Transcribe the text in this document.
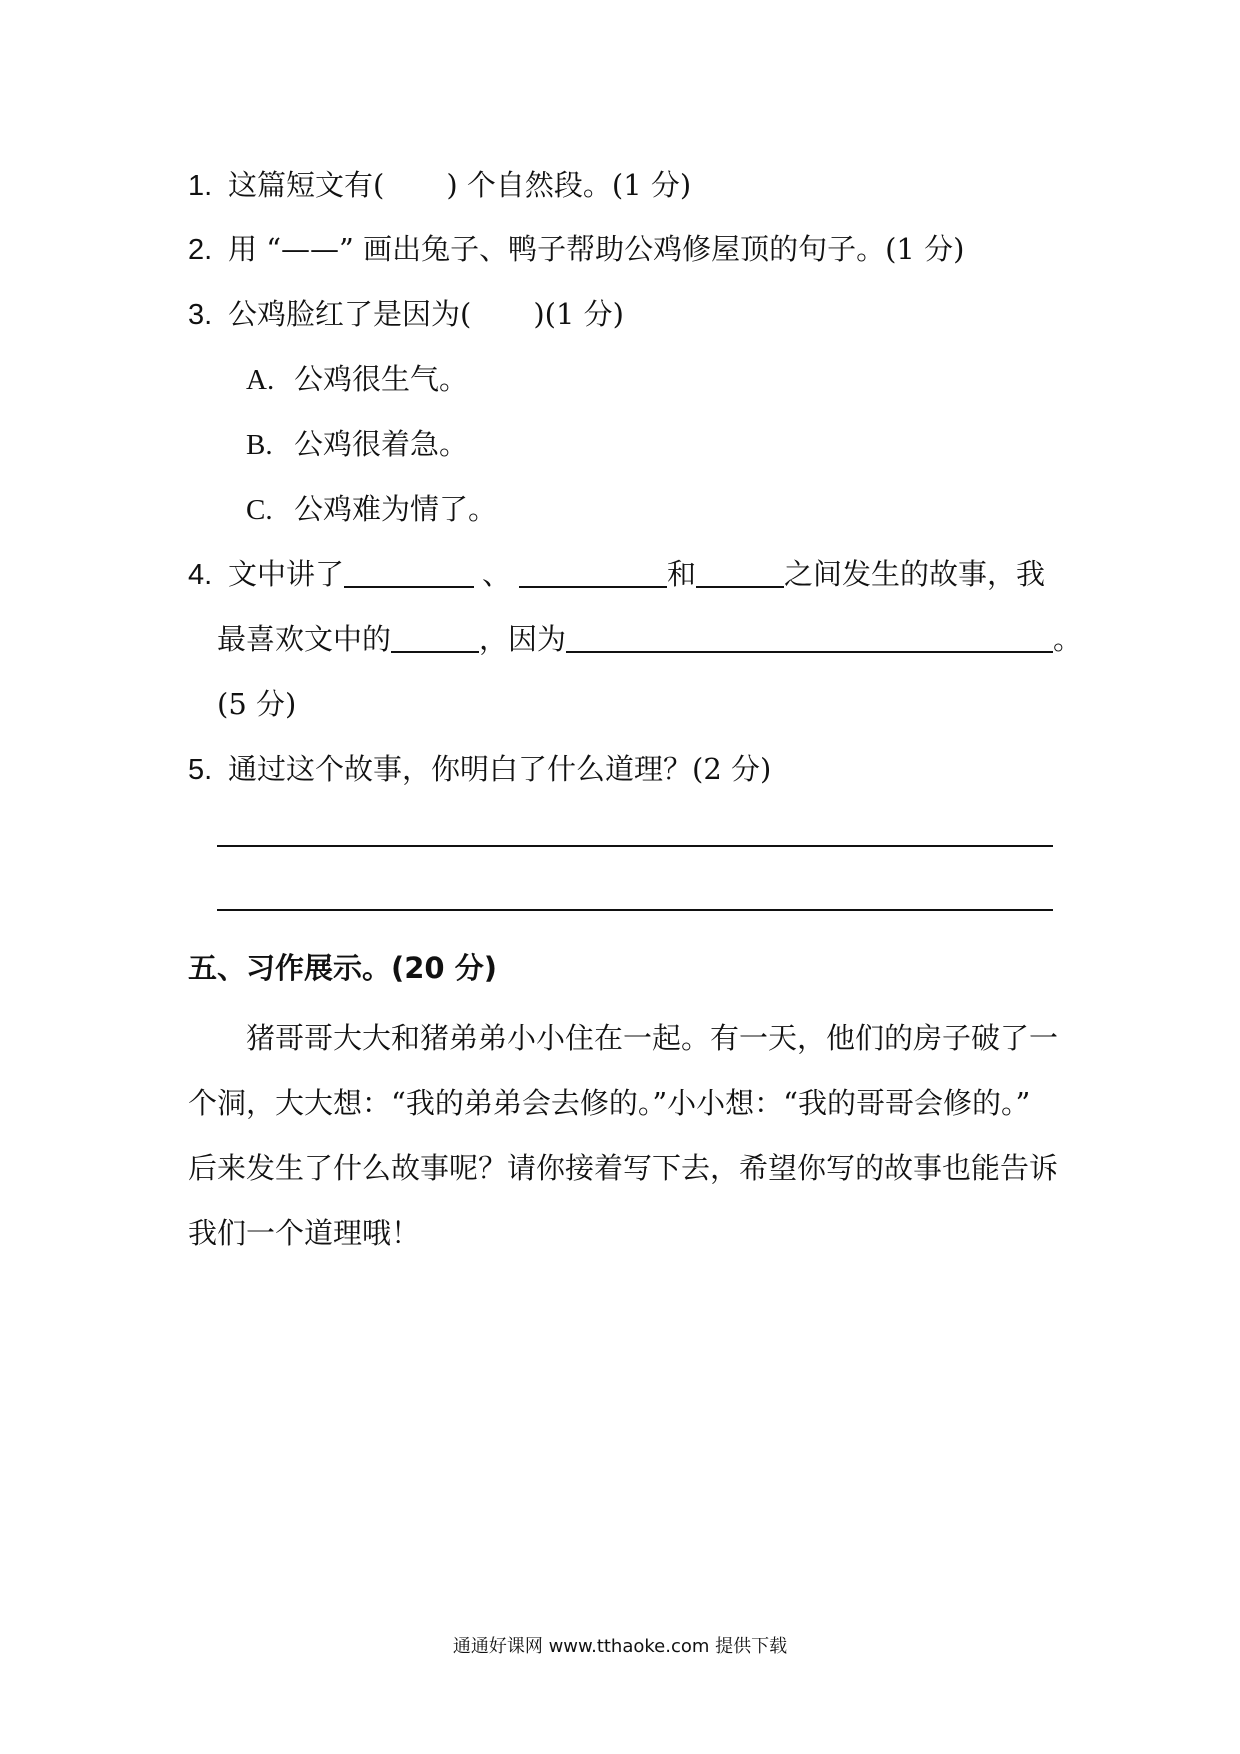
1. 这篇短文有( ) 个自然段。(1 分)
2. 用 “——” 画出兔子、鸭子帮助公鸡修屋顶的句子。(1 分)
3. 公鸡脸红了是因为( )(1 分)
A. 公鸡很生气。
B. 公鸡很着急。
C. 公鸡难为情了。
4. 文中讲了	、	和	之间发生的故事，我
最喜欢文中的	，因为	。
(5 分)
5. 通过这个故事，你明白了什么道理？(2 分)
五、习作展示。(20 分)

猪哥哥大大和猪弟弟小小住在一起。有一天，他们的房子破了一

个洞，大大想：“我的弟弟会去修的。”小小想：“我的哥哥会修的。”

后来发生了什么故事呢？请你接着写下去，希望你写的故事也能告诉

我们一个道理哦！

通通好课网 www.tthaoke.com 提供下载
